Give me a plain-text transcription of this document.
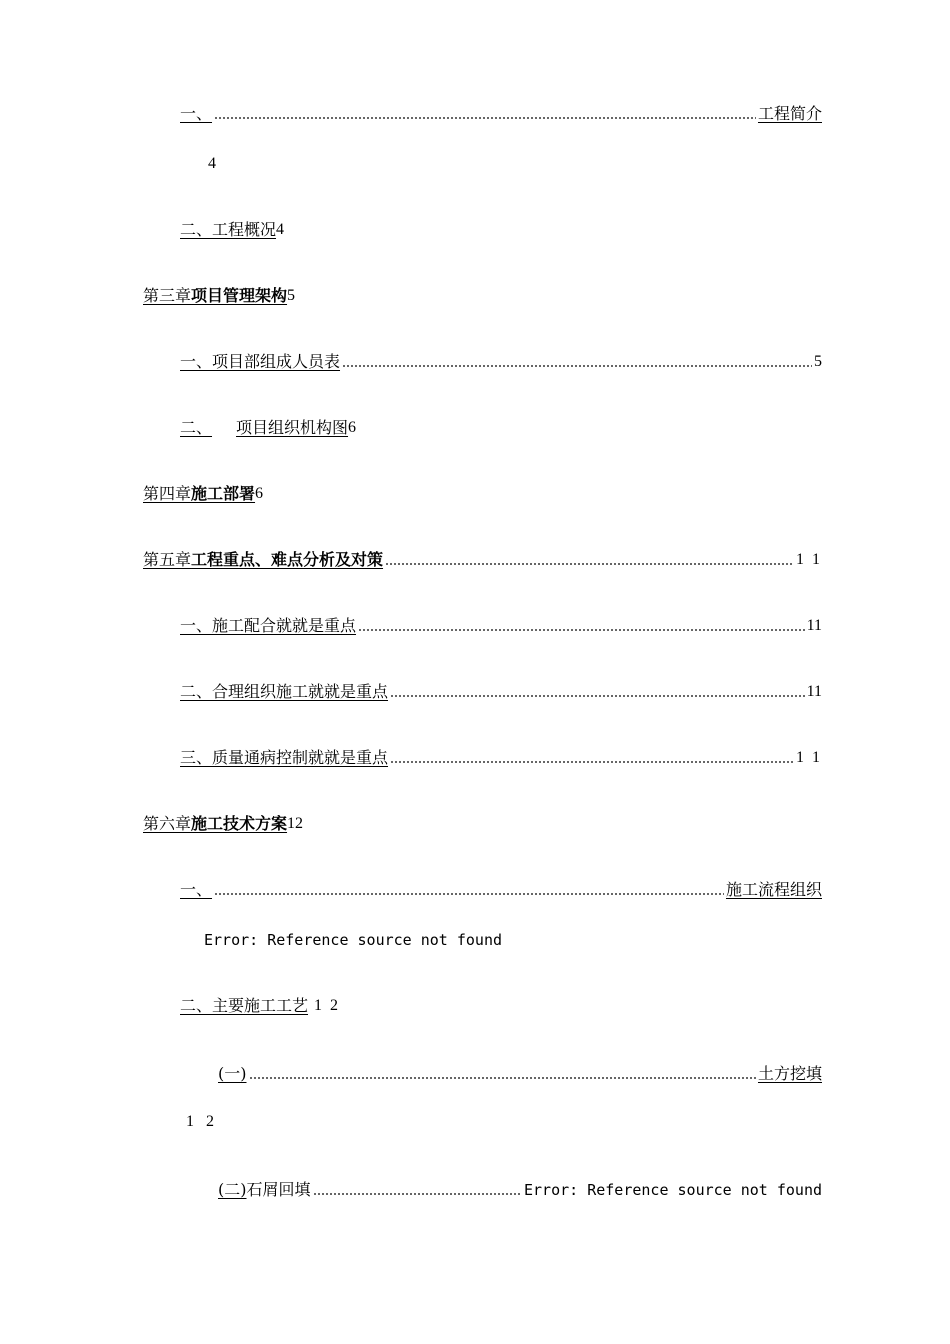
一、	工程简介
4
二、工程概况 4
第三章 项目管理架构 5
一、项目部组成人员表	5
二、 项目组织机构图 6
第四章 施工部署 6
第五章 工程重点、难点分析及对策	1 1
一、施工配合就就是重点	11
二、合理组织施工就就是重点	11
三、质量通病控制就就是重点	1 1
第六章 施工技术方案 12
一、	施工流程组织
Error: Reference source not found
二、主要施工工艺 1 2
(一)	土方挖填
1 2
(二) 石屑回填	Error: Reference source not found
